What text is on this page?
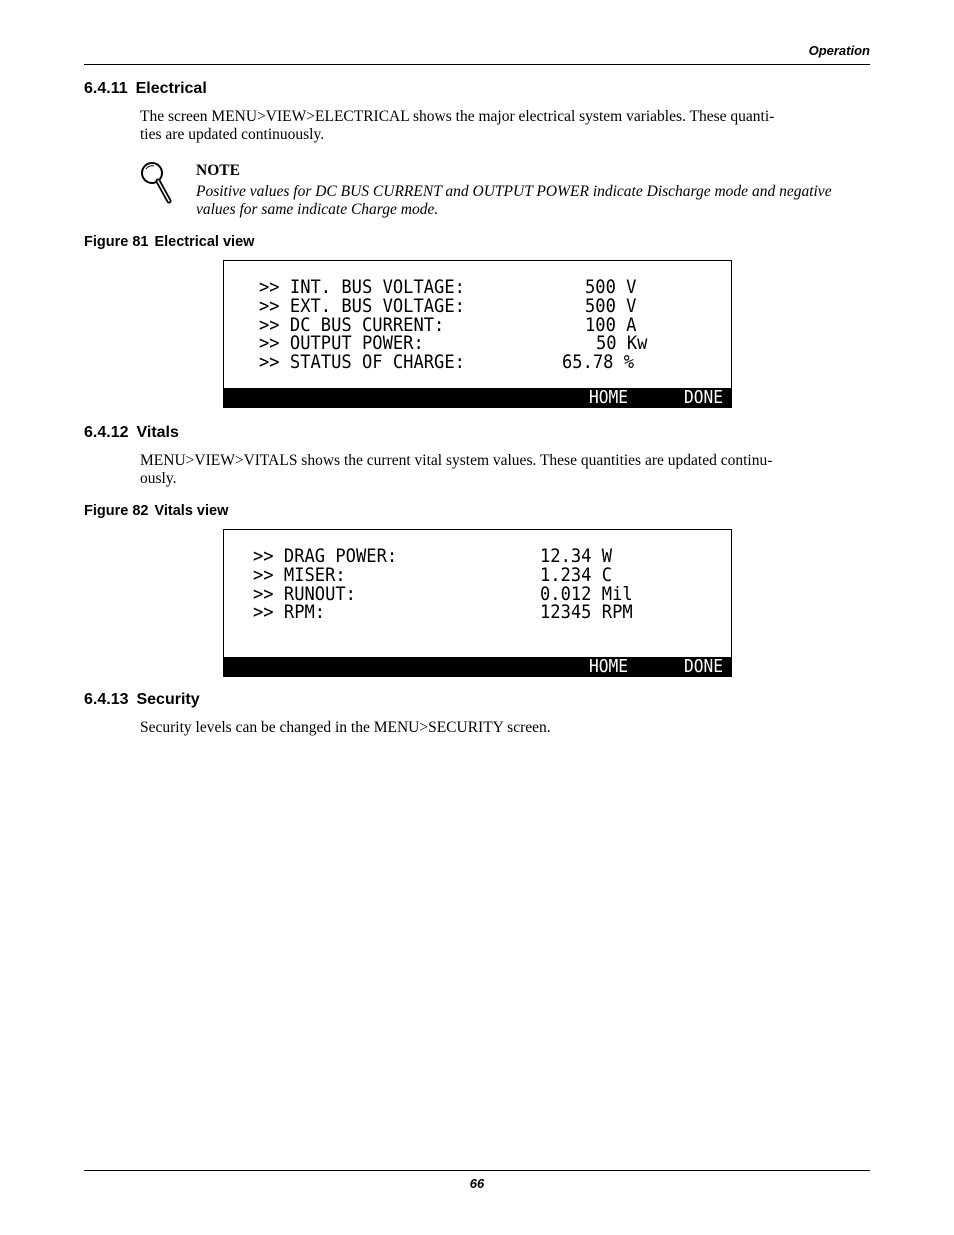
Operation
6.4.11 Electrical
The screen MENU>VIEW>ELECTRICAL shows the major electrical system variables. These quanti-
ties are updated continuously.
NOTE
Positive values for DC BUS CURRENT and OUTPUT POWER indicate Discharge mode and negative values for same indicate Charge mode.
Figure 81 Electrical view
>> INT. BUS VOLTAGE:	500 V
>> EXT. BUS VOLTAGE:	500 V
>> DC BUS CURRENT:	100 A
>> OUTPUT POWER:	50 Kw
>> STATUS OF CHARGE:	65.78 %
HOME	DONE
6.4.12 Vitals
MENU>VIEW>VITALS shows the current vital system values. These quantities are updated continu-
ously.
Figure 82 Vitals view
>> DRAG POWER:	12.34 W
>> MISER:	1.234 C
>> RUNOUT:	0.012 Mil
>> RPM:	12345 RPM
HOME	DONE
6.4.13 Security
Security levels can be changed in the MENU>SECURITY screen.
66
